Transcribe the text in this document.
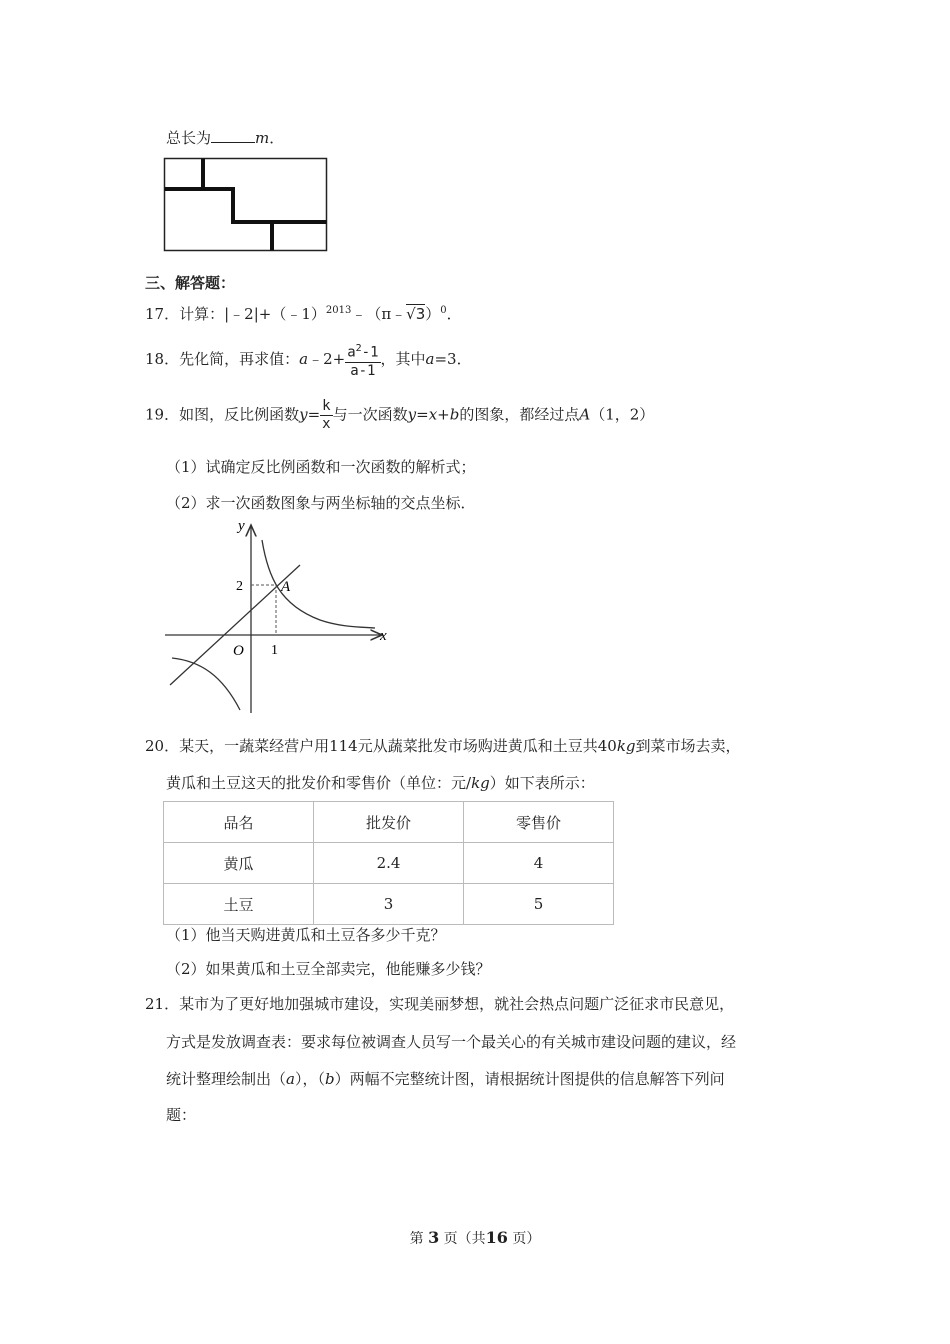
总长为	m．
三、解答题：
17．计算：|﹣2|+（﹣1）$^{2013}$﹣（π﹣√3）$^0$．
18．先化简，再求值：a﹣2+ $\frac{a^2-1}{a-1}$ ，其中a=3．
19．如图，反比例函数$y= \frac{k}{x}$ 与一次函数y=x+b的图象，都经过点A（1，2）
（1）试确定反比例函数和一次函数的解析式；
（2）求一次函数图象与两坐标轴的交点坐标．
y
x
O 1
2	A
20．某天，一蔬菜经营户用114元从蔬菜批发市场购进黄瓜和土豆共40kg到菜市场去卖，
黄瓜和土豆这天的批发价和零售价（单位：元/kg）如下表所示：
品名	批发价	零售价
黄瓜	2.4	4
土豆	3	5
（1）他当天购进黄瓜和土豆各多少千克？
（2）如果黄瓜和土豆全部卖完，他能赚多少钱？
21．某市为了更好地加强城市建设，实现美丽梦想，就社会热点问题广泛征求市民意见，
方式是发放调查表：要求每位被调查人员写一个最关心的有关城市建设问题的建议，经
统计整理绘制出（a），（b）两幅不完整统计图，请根据统计图提供的信息解答下列问
题：
第 3 页（共16 页）
